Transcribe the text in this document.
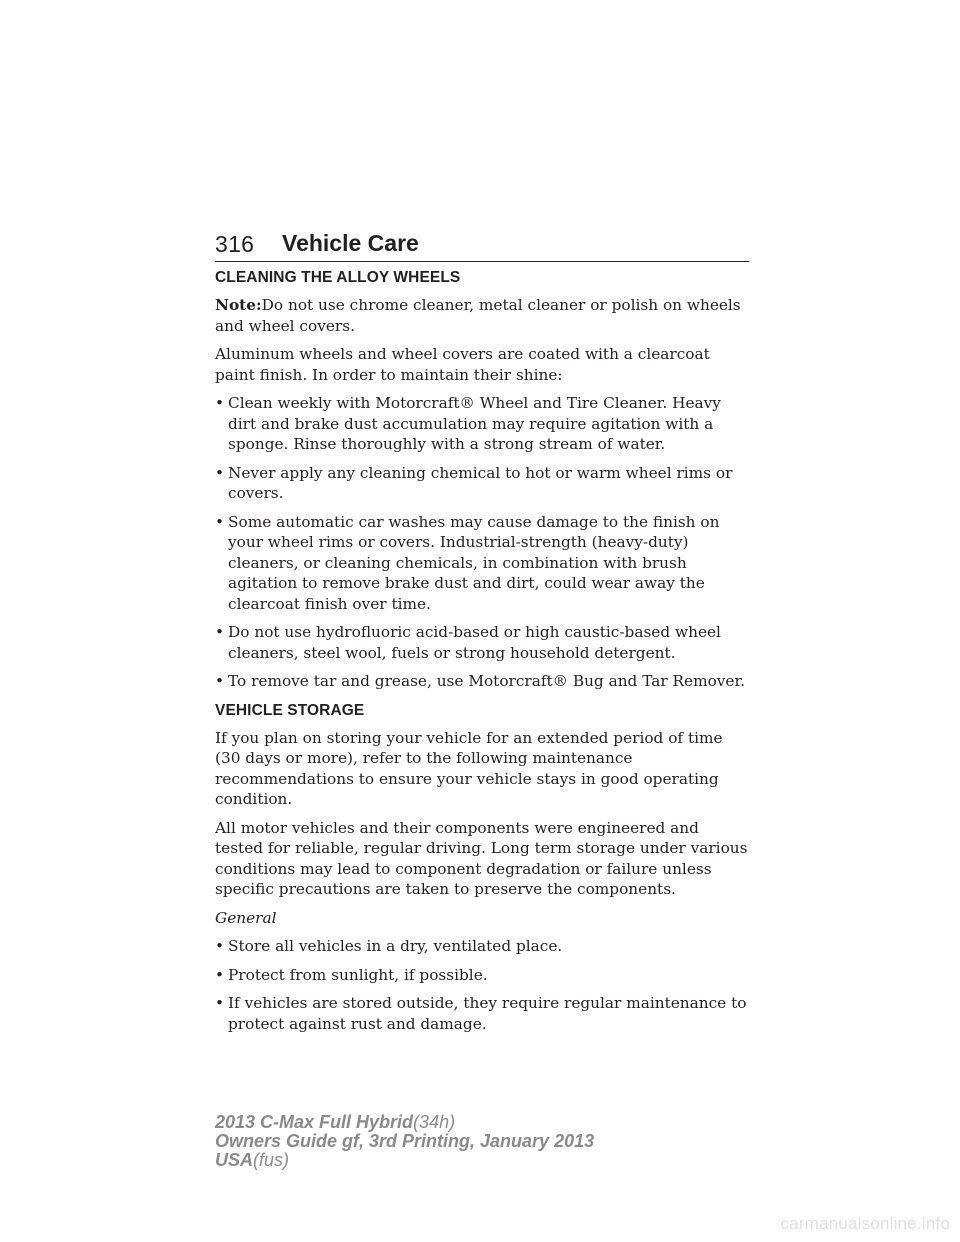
316 Vehicle Care
CLEANING THE ALLOY WHEELS

Note:Do not use chrome cleaner, metal cleaner or polish on wheels and wheel covers.

Aluminum wheels and wheel covers are coated with a clearcoat paint finish. In order to maintain their shine:

• Clean weekly with Motorcraft® Wheel and Tire Cleaner. Heavy dirt and brake dust accumulation may require agitation with a sponge. Rinse thoroughly with a strong stream of water.
• Never apply any cleaning chemical to hot or warm wheel rims or covers.
• Some automatic car washes may cause damage to the finish on your wheel rims or covers. Industrial-strength (heavy-duty) cleaners, or cleaning chemicals, in combination with brush agitation to remove brake dust and dirt, could wear away the clearcoat finish over time.
• Do not use hydrofluoric acid-based or high caustic-based wheel cleaners, steel wool, fuels or strong household detergent.
• To remove tar and grease, use Motorcraft® Bug and Tar Remover.
VEHICLE STORAGE

If you plan on storing your vehicle for an extended period of time (30 days or more), refer to the following maintenance recommendations to ensure your vehicle stays in good operating condition.

All motor vehicles and their components were engineered and tested for reliable, regular driving. Long term storage under various conditions may lead to component degradation or failure unless specific precautions are taken to preserve the components.

General

• Store all vehicles in a dry, ventilated place.
• Protect from sunlight, if possible.
• If vehicles are stored outside, they require regular maintenance to protect against rust and damage.
2013 C-Max Full Hybrid(34h)
Owners Guide gf, 3rd Printing, January 2013
USA(fus)
carmanualsonline.info
